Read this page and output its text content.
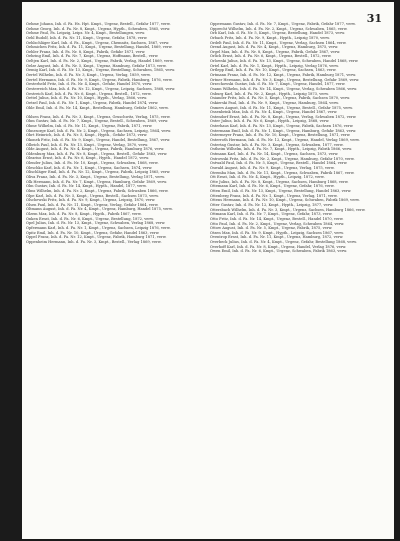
31
Oehme Johann, Inh. d. Fa. Hs. Hpt. Kmpt., Urgenz, Bestell., Gefahr 1877, verw.
Oehme Georg, Inh. d. Fa. Nr. 8, Kmpt., Urgenz, Hypth., Schwaben, 1865, verw.
Oehme Paul, Fa. Leipzig, Leipz. Nr. 4, Kmpt., Bestellungen, verw.
Oehl Rudolf, Inh. d. Fa. Nr. 11, Kmpt., Urgenz, Gefahr, 1878, verw.
Oehlschläger Karl, Inh. d. Fa., Kmpt., Urgenz, Chemnitz, Sachsen, 1867, verw.
Oehmichen Fritz, Inh. d. Fa. 11, Kmpt., Urgenz, Bestellung, Handel, 1869, verw.
Oehler Franz, Inh. d. Fa. Nr. 8, Kmpt., Fabrik, Gefahr 1871, verw.
Oehring Emil, Inh. d. Fa. Nr. 7, Kmpt., Urgenz, Hoffmann, Bestell., verw.
Oeltjen Karl, Inh. d. Fa. Nr. 2, Kmpt., Urgenz, Fabrik, Verlag, Handel 1869, verw.
Oelze August, Inh. d. Fa. Nr. 5, Kmpt., Urgenz, Hamburg, Gefahr 1873, verw.
Oemig Karl, Inh. d. Fa. Nr. 13, Kmpt., Urgenz, Bestellung, Schwaben, 1865, verw.
Oertel Wilhelm, Inh. d. Fa. Nr. 3, Kmpt., Urgenz, Verlag, 1859, verw.
Oertel Hermann, Inh. d. Fa. Nr. 9, Kmpt., Urgenz, Fabrik, Hamburg, 1876, verw.
Oesterheld Fritz, Inh. d. Fa. Nr. 4, Kmpt., Gefahr, Handel 1870, verw.
Oesterreich Max, Inh. d. Fa. Nr. 12, Kmpt., Urgenz, Leipzig, Sachsen, 1868, verw.
Oestreich Karl, Inh. d. Fa. Nr. 6, Kmpt., Urgenz, Bestell., 1872, verw.
Oettel Julius, Inh. d. Fa. Nr. 10, Kmpt., Hypth., Verlag, 1866, verw.
Oetzel Paul, Inh. d. Fa. Nr. 1, Kmpt., Urgenz, Fabrik, Handel 1874, verw.
Ohle Emil, Inh. d. Fa. Nr. 14, Kmpt., Bestellung, Hamburg, Gefahr 1862, verw.
Ohlsen Franz, Inh. d. Fa. Nr. 3, Kmpt., Urgenz, Gruschwitz, Verlag, 1875, verw.
Ohm Gustav, Inh. d. Fa. Nr. 7, Kmpt., Urgenz, Bestell., Schwaben, 1869, verw.
Ohme Wilhelm, Inh. d. Fa. Nr. 11, Kmpt., Urgenz, Fabrik, 1871, verw.
Ohnesorge Karl, Inh. d. Fa. Nr. 2, Kmpt., Urgenz, Sachsen, Leipzig, 1864, verw.
Ohrt Heinrich, Inh. d. Fa. Nr. 5, Kmpt., Hypth., Gefahr 1873, verw.
Okonek Fritz, Inh. d. Fa. Nr. 9, Kmpt., Urgenz, Handel, Bestellung, 1867, verw.
Olbrich Paul, Inh. d. Fa. Nr. 13, Kmpt., Urgenz, Verlag, 1870, verw.
Olde August, Inh. d. Fa. Nr. 4, Kmpt., Urgenz, Fabrik, Hamburg 1876, verw.
Oldenburg Max, Inh. d. Fa. Nr. 8, Kmpt., Urgenz, Bestell., Gefahr 1863, verw.
Olearius Ernst, Inh. d. Fa. Nr. 6, Kmpt., Hypth., Handel 1872, verw.
Olender Julius, Inh. d. Fa. Nr. 10, Kmpt., Urgenz, Schwaben, 1868, verw.
Oleschko Karl, Inh. d. Fa. Nr. 1, Kmpt., Urgenz, Sachsen, 1874, verw.
Olischläger Emil, Inh. d. Fa. Nr. 12, Kmpt., Urgenz, Fabrik, Leipzig 1865, verw.
Oliva Franz, Inh. d. Fa. Nr. 3, Kmpt., Urgenz, Bestellung, Verlag 1871, verw.
Olk Hermann, Inh. d. Fa. Nr. 7, Kmpt., Urgenz, Hamburg, Gefahr 1869, verw.
Olm Gustav, Inh. d. Fa. Nr. 14, Kmpt., Hypth., Handel, 1877, verw.
Olms Wilhelm, Inh. d. Fa. Nr. 2, Kmpt., Urgenz, Fabrik, Schwaben 1866, verw.
Olpe Karl, Inh. d. Fa. Nr. 5, Kmpt., Urgenz, Bestell., Sachsen 1873, verw.
Olschewski Fritz, Inh. d. Fa. Nr. 9, Kmpt., Urgenz, Leipzig, 1870, verw.
Olsen Paul, Inh. d. Fa. Nr. 11, Kmpt., Urgenz, Verlag, Gefahr 1864, verw.
Oltmann August, Inh. d. Fa. Nr. 4, Kmpt., Urgenz, Hamburg, Handel 1875, verw.
Olzem Max, Inh. d. Fa. Nr. 8, Kmpt., Hypth., Fabrik 1867, verw.
Onken Ernst, Inh. d. Fa. Nr. 6, Kmpt., Urgenz, Bestellung, 1872, verw.
Opel Julius, Inh. d. Fa. Nr. 13, Kmpt., Urgenz, Schwaben, Verlag 1868, verw.
Opfermann Karl, Inh. d. Fa. Nr. 1, Kmpt., Urgenz, Sachsen, Leipzig 1876, verw.
Opitz Emil, Inh. d. Fa. Nr. 10, Kmpt., Urgenz, Gefahr, Handel 1863, verw.
Oppel Franz, Inh. d. Fa. Nr. 12, Kmpt., Urgenz, Fabrik, Hamburg 1871, verw.
Oppenheim Hermann, Inh. d. Fa. Nr. 3, Kmpt., Bestell., Verlag 1869, verw.
Oppermann Gustav, Inh. d. Fa. Nr. 7, Kmpt., Urgenz, Fabrik, Gefahr 1877, verw.
Opprecht Wilhelm, Inh. d. Fa. Nr. 2, Kmpt., Urgenz, Schwaben, 1865, verw.
Orb Karl, Inh. d. Fa. Nr. 5, Kmpt., Urgenz, Bestellung, Handel 1873, verw.
Orbach Fritz, Inh. d. Fa. Nr. 9, Kmpt., Hypth., Leipzig 1870, verw.
Ordelt Paul, Inh. d. Fa. Nr. 11, Kmpt., Urgenz, Verlag, Sachsen 1864, verw.
Orend August, Inh. d. Fa. Nr. 4, Kmpt., Urgenz, Hamburg, 1875, verw.
Orgel Max, Inh. d. Fa. Nr. 8, Kmpt., Urgenz, Fabrik, Gefahr 1867, verw.
Orlich Ernst, Inh. d. Fa. Nr. 6, Kmpt., Urgenz, Bestell., 1872, verw.
Orlowski Julius, Inh. d. Fa. Nr. 13, Kmpt., Urgenz, Schwaben, Handel 1868, verw.
Ortel Karl, Inh. d. Fa. Nr. 1, Kmpt., Hypth., Leipzig, Verlag 1876, verw.
Ortlepp Emil, Inh. d. Fa. Nr. 10, Kmpt., Urgenz, Sachsen, 1863, verw.
Ortmann Franz, Inh. d. Fa. Nr. 12, Kmpt., Urgenz, Fabrik, Hamburg 1871, verw.
Ortner Hermann, Inh. d. Fa. Nr. 3, Kmpt., Urgenz, Bestellung, Gefahr 1869, verw.
Orzechowski Gustav, Inh. d. Fa. Nr. 7, Kmpt., Urgenz, Handel, 1877, verw.
Osann Wilhelm, Inh. d. Fa. Nr. 14, Kmpt., Urgenz, Verlag, Schwaben 1866, verw.
Osburg Karl, Inh. d. Fa. Nr. 2, Kmpt., Hypth., Leipzig 1873, verw.
Osiander Fritz, Inh. d. Fa. Nr. 5, Kmpt., Urgenz, Fabrik, Sachsen 1870, verw.
Oskierski Paul, Inh. d. Fa. Nr. 9, Kmpt., Urgenz, Hamburg, 1864, verw.
Osmers August, Inh. d. Fa. Nr. 11, Kmpt., Urgenz, Bestell., Gefahr 1875, verw.
Ossenbrink Max, Inh. d. Fa. Nr. 4, Kmpt., Urgenz, Handel 1867, verw.
Ostendorf Ernst, Inh. d. Fa. Nr. 8, Kmpt., Urgenz, Verlag, Schwaben 1872, verw.
Oster Julius, Inh. d. Fa. Nr. 6, Kmpt., Hypth., Leipzig, 1868, verw.
Osterhaus Karl, Inh. d. Fa. Nr. 13, Kmpt., Urgenz, Fabrik, Sachsen 1876, verw.
Ostermann Emil, Inh. d. Fa. Nr. 1, Kmpt., Urgenz, Hamburg, Gefahr 1863, verw.
Ostermeyer Franz, Inh. d. Fa. Nr. 10, Kmpt., Urgenz, Bestellung, 1871, verw.
Osterroth Hermann, Inh. d. Fa. Nr. 12, Kmpt., Urgenz, Handel, Verlag 1869, verw.
Ostertag Gustav, Inh. d. Fa. Nr. 3, Kmpt., Urgenz, Schwaben, 1877, verw.
Ostheim Wilhelm, Inh. d. Fa. Nr. 7, Kmpt., Hypth., Leipzig, Fabrik 1866, verw.
Ostmann Karl, Inh. d. Fa. Nr. 14, Kmpt., Urgenz, Sachsen, 1873, verw.
Ostrowski Fritz, Inh. d. Fa. Nr. 2, Kmpt., Urgenz, Hamburg, Gefahr 1870, verw.
Ostwald Paul, Inh. d. Fa. Nr. 5, Kmpt., Urgenz, Bestell., Handel 1864, verw.
Oswald August, Inh. d. Fa. Nr. 9, Kmpt., Urgenz, Verlag, 1875, verw.
Otremba Max, Inh. d. Fa. Nr. 11, Kmpt., Urgenz, Schwaben, Fabrik 1867, verw.
Ott Ernst, Inh. d. Fa. Nr. 4, Kmpt., Hypth., Leipzig, 1872, verw.
Otte Julius, Inh. d. Fa. Nr. 8, Kmpt., Urgenz, Sachsen, Hamburg 1868, verw.
Ottemann Karl, Inh. d. Fa. Nr. 6, Kmpt., Urgenz, Gefahr, 1876, verw.
Otten Emil, Inh. d. Fa. Nr. 13, Kmpt., Urgenz, Bestellung, Handel 1863, verw.
Ottenberg Franz, Inh. d. Fa. Nr. 1, Kmpt., Urgenz, Verlag, 1871, verw.
Ottens Hermann, Inh. d. Fa. Nr. 10, Kmpt., Urgenz, Schwaben, Fabrik 1869, verw.
Otter Gustav, Inh. d. Fa. Nr. 12, Kmpt., Hypth., Leipzig, 1877, verw.
Ottersbach Wilhelm, Inh. d. Fa. Nr. 3, Kmpt., Urgenz, Sachsen, Hamburg 1866, verw.
Ottmann Karl, Inh. d. Fa. Nr. 7, Kmpt., Urgenz, Gefahr, 1873, verw.
Otto Fritz, Inh. d. Fa. Nr. 14, Kmpt., Urgenz, Bestell., Handel 1870, verw.
Otto Paul, Inh. d. Fa. Nr. 2, Kmpt., Urgenz, Verlag, Schwaben 1864, verw.
Ottow August, Inh. d. Fa. Nr. 5, Kmpt., Urgenz, Fabrik, 1875, verw.
Otzen Max, Inh. d. Fa. Nr. 9, Kmpt., Hypth., Leipzig, Sachsen 1867, verw.
Oventrop Ernst, Inh. d. Fa. Nr. 11, Kmpt., Urgenz, Hamburg, 1872, verw.
Overbeck Julius, Inh. d. Fa. Nr. 4, Kmpt., Urgenz, Gefahr, Bestellung 1868, verw.
Overhoff Karl, Inh. d. Fa. Nr. 8, Kmpt., Urgenz, Handel, Verlag 1876, verw.
Owen Emil, Inh. d. Fa. Nr. 6, Kmpt., Urgenz, Schwaben, Fabrik 1863, verw.
